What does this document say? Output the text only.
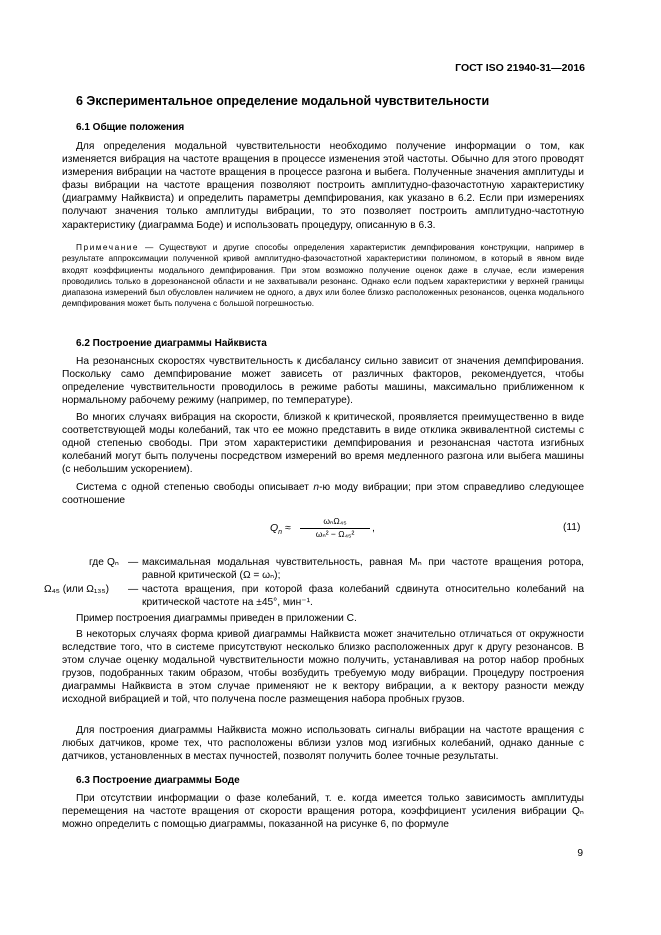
ГОСТ ISO 21940-31—2016
6 Экспериментальное определение модальной чувствительности
6.1 Общие положения

Для определения модальной чувствительности необходимо получение информации о том, как изменяется вибрация на частоте вращения в процессе изменения этой частоты. Обычно для этого проводят измерения вибрации на частоте вращения в процессе разгона и выбега. Полученные значения амплитуды и фазы вибрации на частоте вращения позволяют построить амплитудно-фазочастотную характеристику (диаграмму Найквиста) и определить параметры демпфирования, как указано в 6.2. Если при измерениях получают значения только амплитуды вибрации, то это позволяет построить амплитудно-частотную характеристику (диаграмма Боде) и использовать процедуру, описанную в 6.3.

Примечание — Существуют и другие способы определения характеристик демпфирования конструкции, например в результате аппроксимации полученной кривой амплитудно-фазочастотной характеристики полиномом, в который в явном виде входят коэффициенты модального демпфирования. При этом возможно получение оценок даже в случае, если измерения проводились только в дорезонансной области и не захватывали резонанс. Однако если подъем характеристики у верхней границы диапазона измерений был обусловлен наличием не одного, а двух или более близко расположенных резонансов, оценка модального демпфирования может быть получена с большой погрешностью.

6.2 Построение диаграммы Найквиста

На резонансных скоростях чувствительность к дисбалансу сильно зависит от значения демпфирования. Поскольку само демпфирование может зависеть от различных факторов, рекомендуется, чтобы определение чувствительности проводилось в режиме работы машины, максимально приближенном к нормальному рабочему режиму (например, по температуре).

Во многих случаях вибрация на скорости, близкой к критической, проявляется преимущественно в виде соответствующей моды колебаний, так что ее можно представить в виде отклика эквивалентной системы с одной степенью свободы. При этом характеристики демпфирования и резонансная частота изгибных колебаний могут быть получены посредством измерений во время медленного разгона или выбега машины (с небольшим ускорением).

Система с одной степенью свободы описывает n-ю моду вибрации; при этом справедливо следующее соотношение

$Q_n$ ≈
ωₙΩ₄₅
ωₙ² − Ω₄₅²	,	(11)
где Qₙ — максимальная модальная чувствительность, равная Mₙ при частоте вращения ротора, равной критической (Ω = ωₙ);
Ω₄₅ (или Ω₁₃₅) — частота вращения, при которой фаза колебаний сдвинута относительно колебаний на критической частоте на ±45°, мин⁻¹.

Пример построения диаграммы приведен в приложении С.

В некоторых случаях форма кривой диаграммы Найквиста может значительно отличаться от окружности вследствие того, что в системе присутствуют несколько близко расположенных друг к другу резонансов. В этом случае оценку модальной чувствительности можно получить, устанавливая на ротор набор пробных грузов, подобранных таким образом, чтобы возбудить требуемую моду вибрации. Процедуру построения диаграммы Найквиста в этом случае применяют не к вектору вибрации, а к вектору разности между исходной вибрацией и той, что получена после размещения набора пробных грузов.

Для построения диаграммы Найквиста можно использовать сигналы вибрации на частоте вращения с любых датчиков, кроме тех, что расположены вблизи узлов мод изгибных колебаний, однако данные с датчиков, установленных в местах пучностей, позволят получить более точные результаты.

6.3 Построение диаграммы Боде

При отсутствии информации о фазе колебаний, т. е. когда имеется только зависимость амплитуды перемещения на частоте вращения от скорости вращения ротора, коэффициент усиления вибрации Qₙ можно определить с помощью диаграммы, показанной на рисунке 6, по формуле

9
